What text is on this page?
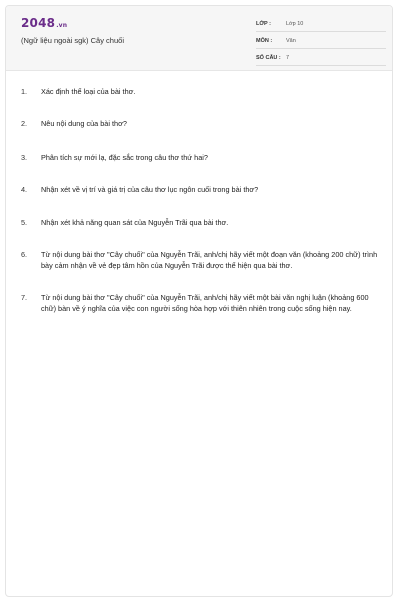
2048.vn
(Ngữ liệu ngoài sgk) Cây chuối
LỚP :	Lớp 10
MÔN :	Văn
SỐ CÂU : 7
1.	Xác định thể loại của bài thơ.
2.	Nêu nội dung của bài thơ?
3.	Phân tích sự mới lạ, đặc sắc trong câu thơ thứ hai?
4.	Nhận xét về vị trí và giá trị của câu thơ lục ngôn cuối trong bài thơ?
5.	Nhận xét khả năng quan sát của Nguyễn Trãi qua bài thơ.
6.	Từ nội dung bài thơ "Cây chuối" của Nguyễn Trãi, anh/chị hãy viết một đoạn văn (khoảng 200 chữ) trình bày cảm nhận về vẻ đẹp tâm hồn của Nguyễn Trãi được thể hiện qua bài thơ.
7.	Từ nội dung bài thơ "Cây chuối" của Nguyễn Trãi, anh/chị hãy viết một bài văn nghị luận (khoảng 600 chữ) bàn về ý nghĩa của việc con người sống hòa hợp với thiên nhiên trong cuộc sống hiện nay.
